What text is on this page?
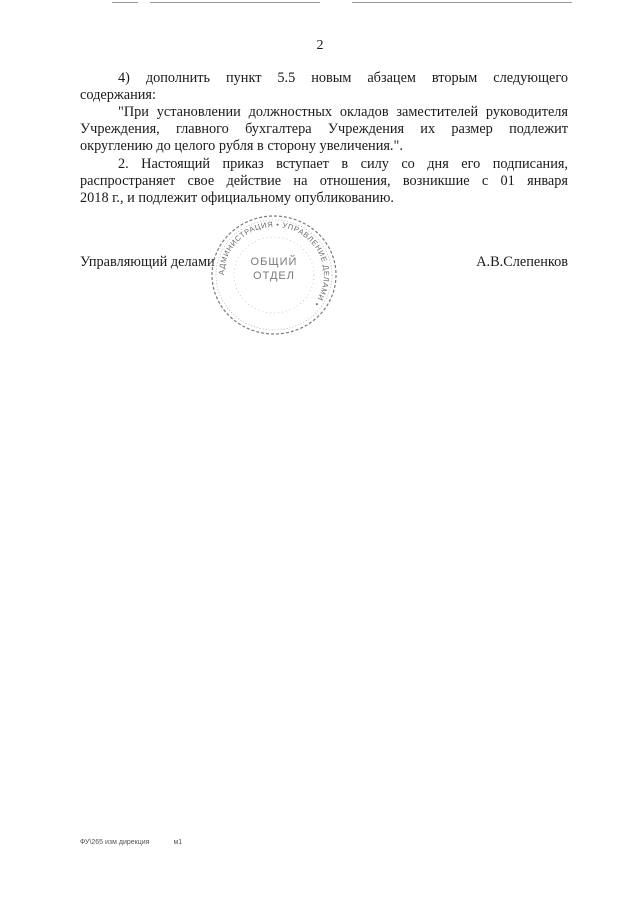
2
4) дополнить пункт 5.5 новым абзацем вторым следующего
содержания:
"При установлении должностных окладов заместителей руководителя
Учреждения, главного бухгалтера Учреждения их размер подлежит
округлению до целого рубля в сторону увеличения.".
2. Настоящий приказ вступает в силу со дня его подписания,
распространяет свое действие на отношения, возникшие с 01 января
2018 г., и подлежит официальному опубликованию.
Управляющий делами	А.В.Слепенков
АДМИНИСТРАЦИЯ • УПРАВЛЕНИЕ ДЕЛАМИ •
ОБЩИЙ
ОТДЕЛ
ФУ\265 изм дирекция	м1
